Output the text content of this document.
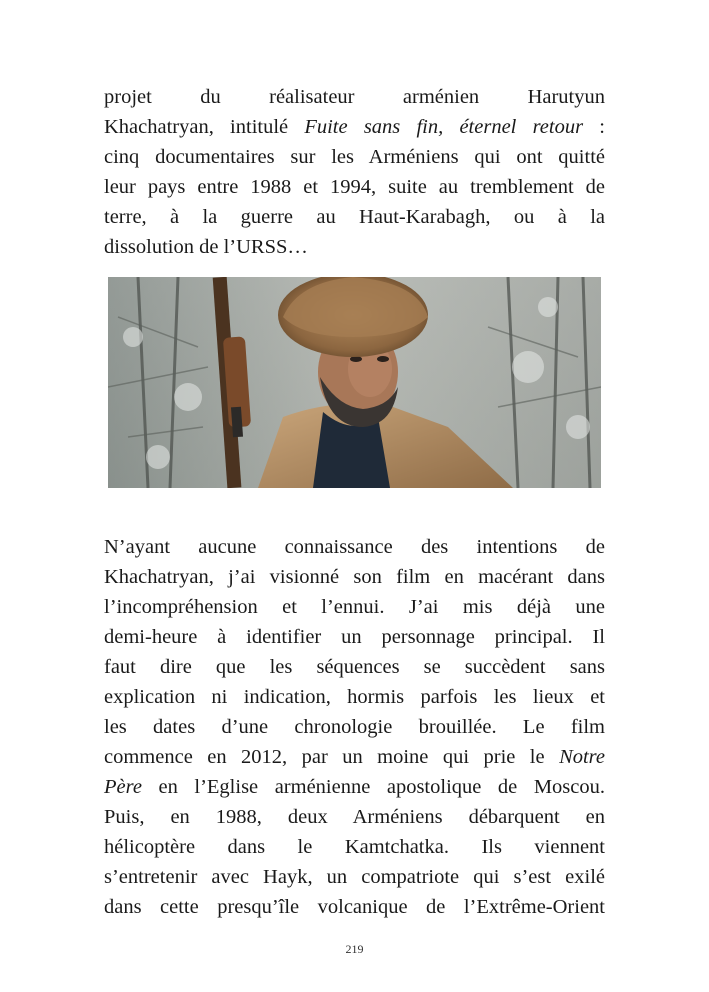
projet du réalisateur arménien Harutyun
Khachatryan, intitulé Fuite sans fin, éternel retour :
cinq documentaires sur les Arméniens qui ont quitté
leur pays entre 1988 et 1994, suite au tremblement de
terre, à la guerre au Haut-Karabagh, ou à la
dissolution de l’URSS…
N’ayant aucune connaissance des intentions de
Khachatryan, j’ai visionné son film en macérant dans
l’incompréhension et l’ennui. J’ai mis déjà une
demi-heure à identifier un personnage principal. Il
faut dire que les séquences se succèdent sans
explication ni indication, hormis parfois les lieux et
les dates d’une chronologie brouillée. Le film
commence en 2012, par un moine qui prie le Notre
Père en l’Eglise arménienne apostolique de Moscou.
Puis, en 1988, deux Arméniens débarquent en
hélicoptère dans le Kamtchatka. Ils viennent
s’entretenir avec Hayk, un compatriote qui s’est exilé
dans cette presqu’île volcanique de l’Extrême-Orient
219
